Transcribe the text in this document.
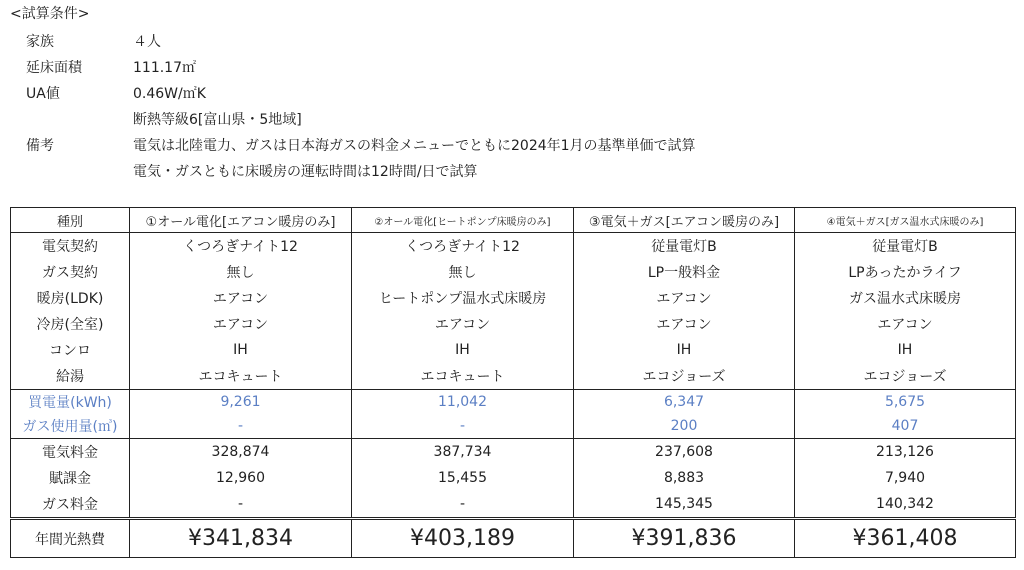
<試算条件>
家族	４人
延床面積	111.17㎡
UA値	0.46W/㎡K
断熱等級6[富山県・5地域]
備考	電気は北陸電力、ガスは日本海ガスの料金メニューでともに2024年1月の基準単価で試算
電気・ガスともに床暖房の運転時間は12時間/日で試算
種別	①オール電化[エアコン暖房のみ]	②オール電化[ヒートポンプ床暖房のみ]	③電気＋ガス[エアコン暖房のみ]	④電気＋ガス[ガス温水式床暖のみ]
電気契約	くつろぎナイト12	くつろぎナイト12	従量電灯B	従量電灯B
ガス契約	無し	無し	LP一般料金	LPあったかライフ
暖房(LDK)	エアコン	ヒートポンプ温水式床暖房	エアコン	ガス温水式床暖房
冷房(全室)	エアコン	エアコン	エアコン	エアコン
コンロ	IH	IH	IH	IH
給湯	エコキュート	エコキュート	エコジョーズ	エコジョーズ
買電量(kWh)	9,261	11,042	6,347	5,675
ガス使用量(㎥)	-	-	200	407
電気料金	328,874	387,734	237,608	213,126
賦課金	12,960	15,455	8,883	7,940
ガス料金	-	-	145,345	140,342
年間光熱費	¥341,834	¥403,189	¥391,836	¥361,408
